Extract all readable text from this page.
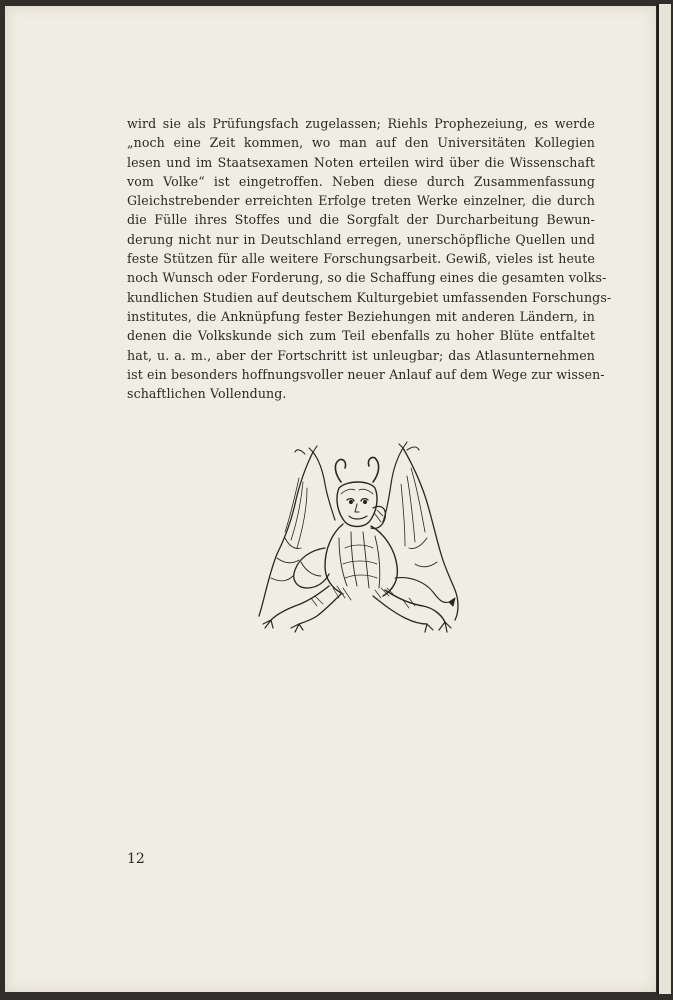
wird sie als Prüfungsfach zugelassen; Riehls Prophezeiung, es werde
„noch eine Zeit kommen, wo man auf den Universitäten Kollegien
lesen und im Staatsexamen Noten erteilen wird über die Wissenschaft
vom Volke“ ist eingetroffen. Neben diese durch Zusammenfassung
Gleichstrebender erreichten Erfolge treten Werke einzelner, die durch
die Fülle ihres Stoffes und die Sorgfalt der Durcharbeitung Bewun-
derung nicht nur in Deutschland erregen, unerschöpfliche Quellen und
feste Stützen für alle weitere Forschungsarbeit. Gewiß, vieles ist heute
noch Wunsch oder Forderung, so die Schaffung eines die gesamten volks-
kundlichen Studien auf deutschem Kulturgebiet umfassenden Forschungs-
institutes, die Anknüpfung fester Beziehungen mit anderen Ländern, in
denen die Volkskunde sich zum Teil ebenfalls zu hoher Blüte entfaltet
hat, u. a. m., aber der Fortschritt ist unleugbar; das Atlasunternehmen
ist ein besonders hoffnungsvoller neuer Anlauf auf dem Wege zur wissen-
schaftlichen Vollendung.
12
